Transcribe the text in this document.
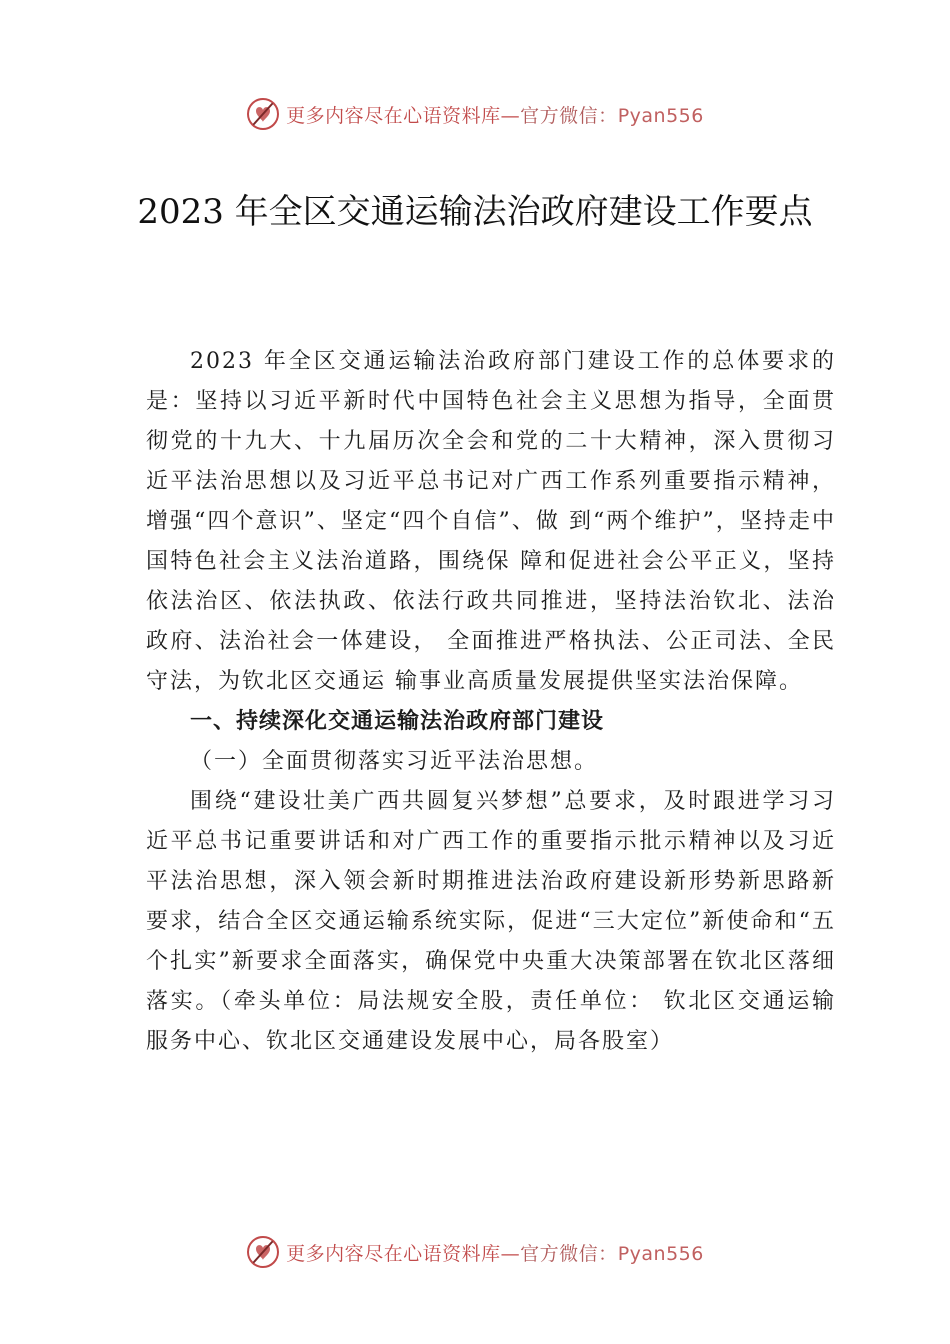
更多内容尽在心语资料库—官方微信：Pyan556
2023 年全区交通运输法治政府建设工作要点

2023 年全区交通运输法治政府部门建设工作的总体要求的是：坚持以习近平新时代中国特色社会主义思想为指导，全面贯彻党的十九大、十九届历次全会和党的二十大精神，深入贯彻习近平法治思想以及习近平总书记对广西工作系列重要指示精神，增强“四个意识”、坚定“四个自信”、做 到“两个维护”，坚持走中国特色社会主义法治道路，围绕保 障和促进社会公平正义，坚持依法治区、依法执政、依法行政共同推进，坚持法治钦北、法治政府、法治社会一体建设， 全面推进严格执法、公正司法、全民守法，为钦北区交通运 输事业高质量发展提供坚实法治保障。

一、持续深化交通运输法治政府部门建设

（一）全面贯彻落实习近平法治思想。

围绕“建设壮美广西共圆复兴梦想”总要求，及时跟进学习习近平总书记重要讲话和对广西工作的重要指示批示精神以及习近平法治思想，深入领会新时期推进法治政府建设新形势新思路新要求，结合全区交通运输系统实际，促进“三大定位”新使命和“五个扎实”新要求全面落实，确保党中央重大决策部署在钦北区落细落实。（牵头单位：局法规安全股，责任单位： 钦北区交通运输服务中心、钦北区交通建设发展中心，局各股室）

更多内容尽在心语资料库—官方微信：Pyan556
